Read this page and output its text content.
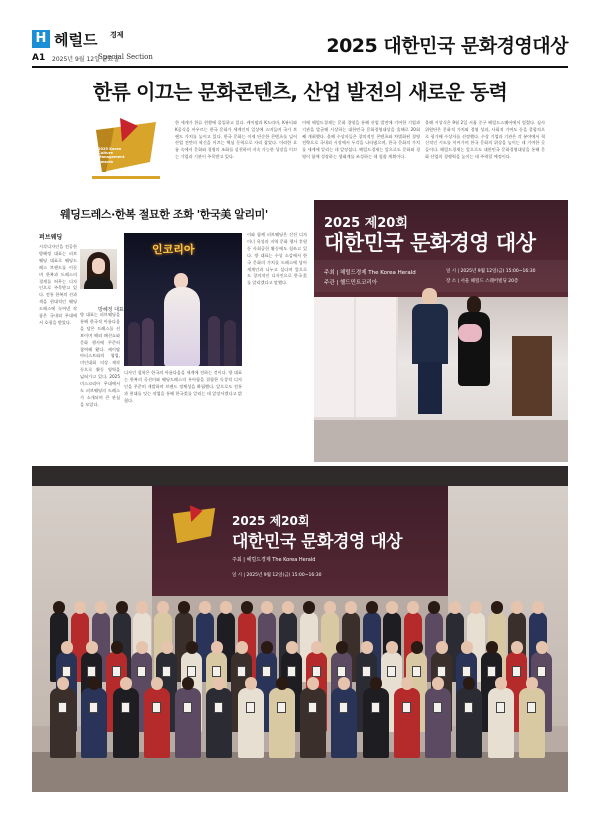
H 헤럴드 경제
A1 2025년 9월 12일 금요일
Special Section	2025 대한민국 문화경영대상
한류 이끄는 문화콘텐츠, 산업 발전의 새로운 동력
2025 Korea
Culture Management
Awards
한 세계가 한류 현황에 몰입하고 있다. 케이팝과 K드라마, K뷰티와 K음식을 아우르는 한국 문화가 세계인의 일상에 스며들며 국가 브랜드 가치를 높이고 있다. 한국 문화는 이제 단순한 콘텐츠를 넘어 산업 전반의 혁신을 이끄는 핵심 동력으로 자리 잡았다. 이러한 흐름 속에서 문화와 경영의 조화를 실천하며 지속 가능한 성장을 이끄는 기업과 기관이 주목받고 있다.
이에 헤럴드경제는 문화 경영을 통해 산업 발전에 기여한 기업과 기관을 발굴해 시상하는 대한민국 문화경영대상을 올해로 20회째 개최했다. 올해 수상자들은 창의적인 콘텐츠와 차별화된 경영 전략으로 국내외 시장에서 두각을 나타냈으며, 한국 문화의 가치를 세계에 알리는 데 앞장섰다. 헤럴드경제는 앞으로도 문화와 경영이 함께 성장하는 생태계를 조성하는 데 힘쓸 계획이다.
올해 시상식은 9월 2일 서울 중구 헤럴드스퀘어에서 열렸다. 심사위원단은 문화적 가치와 경영 성과, 사회적 기여도 등을 종합적으로 평가해 수상자를 선정했다. 수상 기업과 기관은 각 분야에서 혁신적인 시도를 이어가며 한국 문화의 위상을 높이는 데 기여한 곳들이다. 헤럴드경제는 앞으로도 대한민국 문화경영대상을 통해 문화 산업의 경쟁력을 높이는 데 주력할 예정이다.
웨딩드레스·한복 절묘한 조화 '한국美 알리미'
퍼브웨딩
방혜정 대표
시각디자인을 전공한 방혜정 대표는 퍼브웨딩 대표로 웨딩드레스 브랜드를 이끌며 한복과 드레스의 경계를 허무는 디자인으로 주목받고 있다. 전통 한복의 선과 색을 현대적인 웨딩드레스에 녹여낸 작품은 국내외 무대에서 호평을 받았다.
방 대표는 퍼브웨딩을 통해 한국적 아름다움을 담은 드레스를 선보이며 해외 패션쇼와 문화 행사에 꾸준히 참여해 왔다. 케이팝 아티스트와의 협업, 미인대회 의상 제작 등으로 활동 영역을 넓혀가고 있다. 2025 미스코리아 무대에서도 퍼브웨딩의 드레스가 소개되며 큰 관심을 모았다.
인코리아
디자인 철학은 한국의 아름다움을 세계에 전하는 것이다. 방 대표는 한복의 곡선미와 웨딩드레스의 우아함을 결합한 독창적 디자인을 꾸준히 개발하며 브랜드 정체성을 확립했다. 앞으로도 전통과 현대를 잇는 작업을 통해 한국美를 알리는 데 앞장서겠다고 밝혔다.
이와 함께 퍼브웨딩은 신진 디자이너 육성과 지역 문화 행사 후원 등 사회공헌 활동에도 힘쓰고 있다. 방 대표는 수상 소감에서 한국 문화의 가치를 드레스에 담아 세계인과 나누고 싶다며 앞으로도 창의적인 디자인으로 한국美를 알리겠다고 말했다.
2025 제20회
대한민국 문화경영 대상
주최 | 헤럴드경제 The Korea Herald
주관 | 헬드민트코리아
일 시 | 2025년 9월 12일(금) 15:00~16:30
장 소 | 서울 헤럴드 스퀘어빌딩 20층
2025 제20회
대한민국 문화경영 대상
주최 | 헤럴드경제 The Korea Herald
일 시 | 2025년 9월 12일(금) 15:00~16:30
